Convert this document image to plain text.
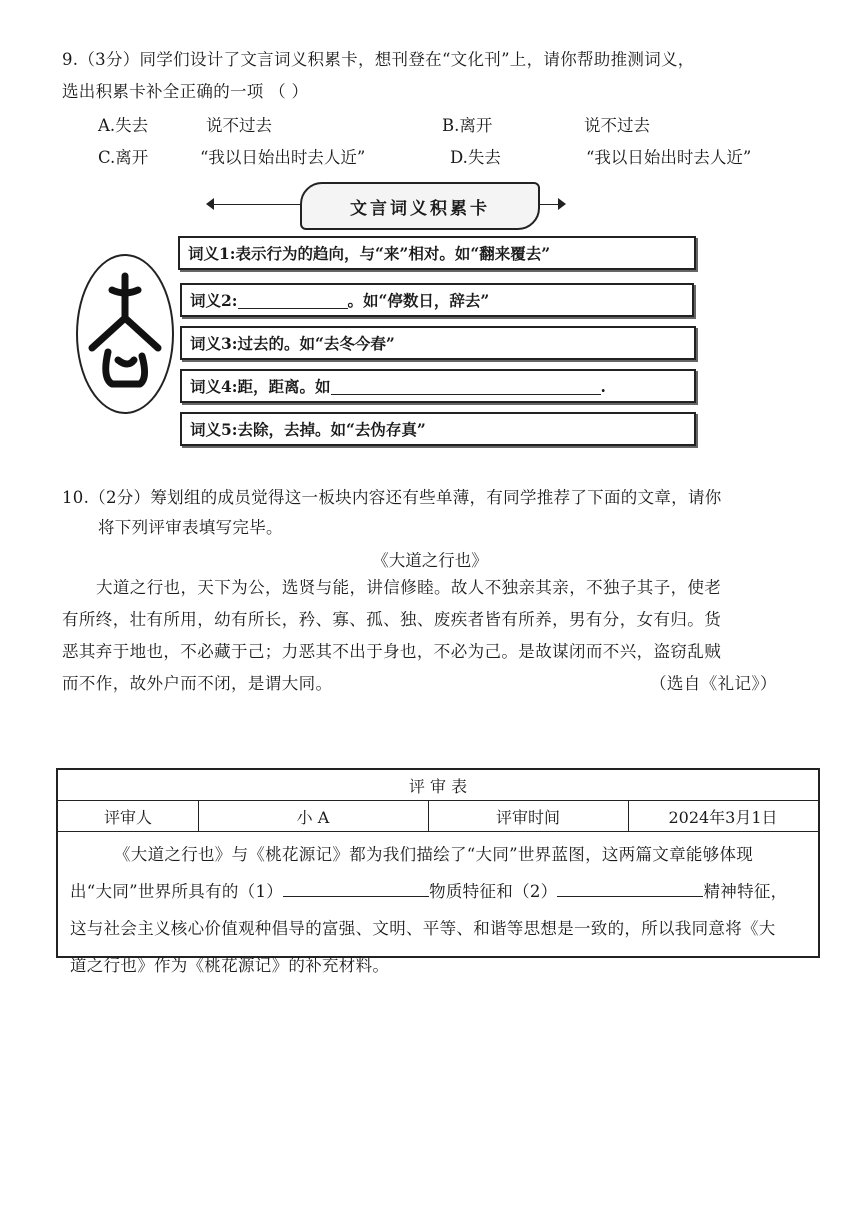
9.（3分）同学们设计了文言词义积累卡，想刊登在“文化刊”上，请你帮助推测词义，
选出积累卡补全正确的一项 （ ）
A.失去	说不过去	B.离开	说不过去
C.离开	“我以日始出时去人近”	D.失去	“我以日始出时去人近”
文言词义积累卡
词义1: 表示行为的趋向，与“来”相对。如“翻来覆去”
词义2:	。如“停数日，辞去”
词义3: 过去的。如“去冬今春”
词义4: 距，距离。如	.
词义5: 去除，去掉。如“去伪存真”
10.（2分）筹划组的成员觉得这一板块内容还有些单薄，有同学推荐了下面的文章，请你
将下列评审表填写完毕。
《大道之行也》
大道之行也，天下为公，选贤与能，讲信修睦。故人不独亲其亲，不独子其子，使老
有所终，壮有所用，幼有所长，矜、寡、孤、独、废疾者皆有所养，男有分，女有归。货
恶其弃于地也，不必藏于己；力恶其不出于身也，不必为己。是故谋闭而不兴，盗窃乱贼
而不作，故外户而不闭，是谓大同。	（选自《礼记》）
评 审 表
评审人	小 A	评审时间	2024年3月1日
《大道之行也》与《桃花源记》都为我们描绘了“大同”世界蓝图，这两篇文章能够体现
出“大同”世界所具有的（1）	物质特征和（2）	精神特征，
这与社会主义核心价值观种倡导的富强、文明、平等、和谐等思想是一致的，所以我同意将《大
道之行也》作为《桃花源记》的补充材料。
